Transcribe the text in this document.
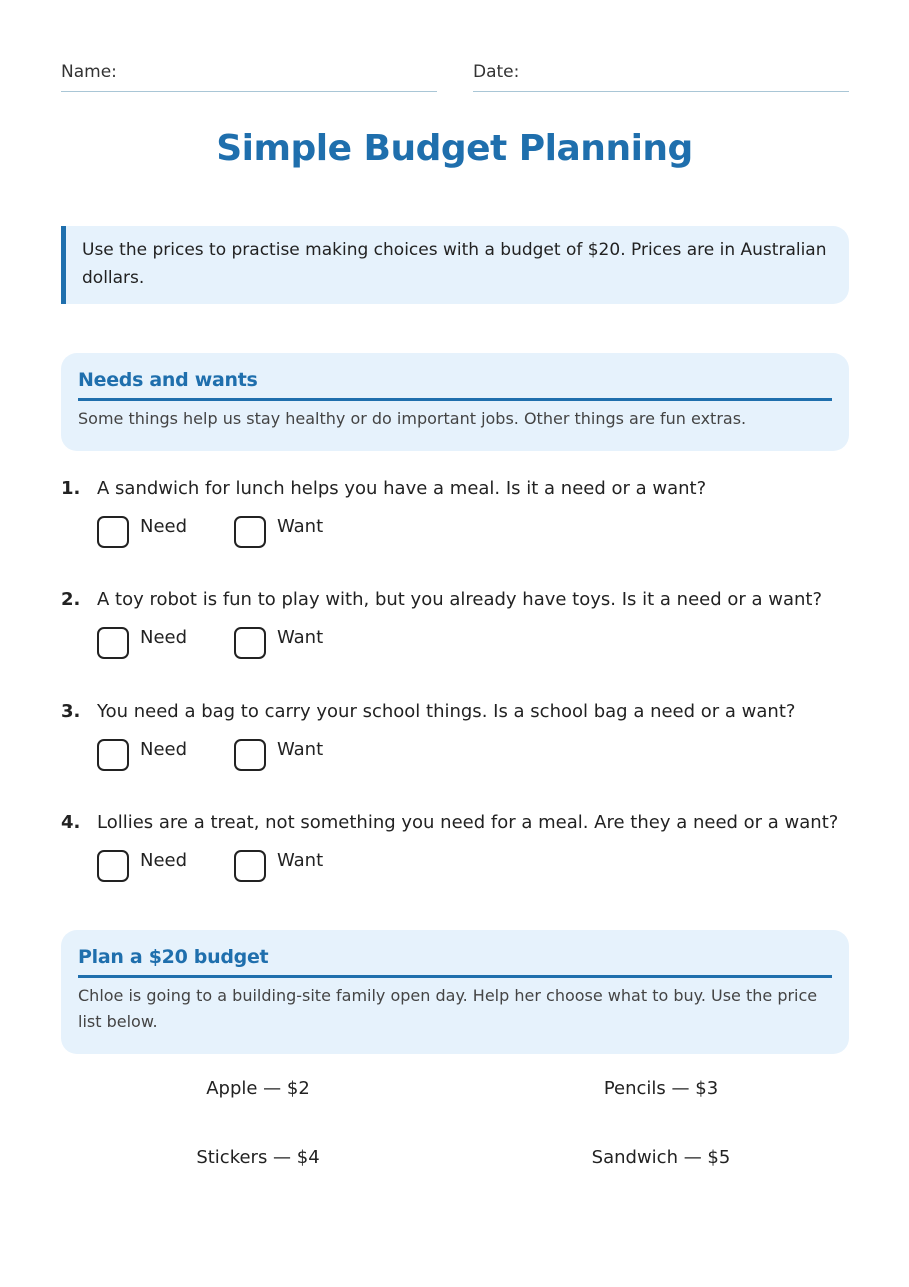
Name:	Date:
Simple Budget Planning
Use the prices to practise making choices with a budget of $20. Prices are in Australian dollars.
Needs and wants

Some things help us stay healthy or do important jobs. Other things are fun extras.

1. A sandwich for lunch helps you have a meal. Is it a need or a want?
Need	Want
2. A toy robot is fun to play with, but you already have toys. Is it a need or a want?
Need	Want
3. You need a bag to carry your school things. Is a school bag a need or a want?
Need	Want
4. Lollies are a treat, not something you need for a meal. Are they a need or a want?
Need	Want
Plan a $20 budget

Chloe is going to a building-site family open day. Help her choose what to buy. Use the price list below.

Apple — $2	Pencils — $3
Stickers — $4	Sandwich — $5
